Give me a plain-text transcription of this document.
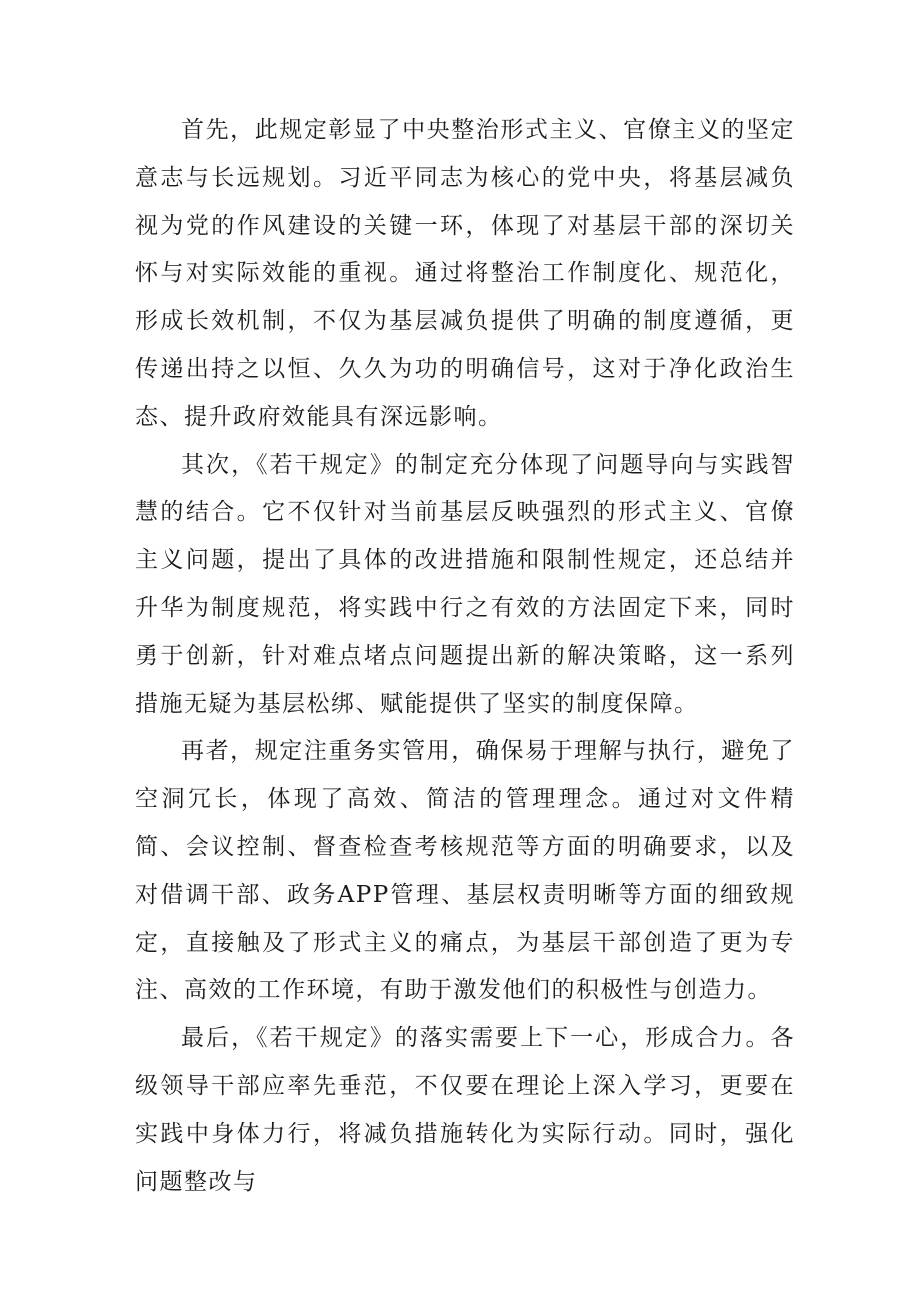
首先，此规定彰显了中央整治形式主义、官僚主义的坚定意志与长远规划。习近平同志为核心的党中央，将基层减负视为党的作风建设的关键一环，体现了对基层干部的深切关怀与对实际效能的重视。通过将整治工作制度化、规范化，形成长效机制，不仅为基层减负提供了明确的制度遵循，更传递出持之以恒、久久为功的明确信号，这对于净化政治生态、提升政府效能具有深远影响。

其次，《若干规定》的制定充分体现了问题导向与实践智慧的结合。它不仅针对当前基层反映强烈的形式主义、官僚主义问题，提出了具体的改进措施和限制性规定，还总结并升华为制度规范，将实践中行之有效的方法固定下来，同时勇于创新，针对难点堵点问题提出新的解决策略，这一系列措施无疑为基层松绑、赋能提供了坚实的制度保障。

再者，规定注重务实管用，确保易于理解与执行，避免了空洞冗长，体现了高效、简洁的管理理念。通过对文件精简、会议控制、督查检查考核规范等方面的明确要求，以及对借调干部、政务APP管理、基层权责明晰等方面的细致规定，直接触及了形式主义的痛点，为基层干部创造了更为专注、高效的工作环境，有助于激发他们的积极性与创造力。

最后，《若干规定》的落实需要上下一心，形成合力。各级领导干部应率先垂范，不仅要在理论上深入学习，更要在实践中身体力行，将减负措施转化为实际行动。同时，强化问题整改与
